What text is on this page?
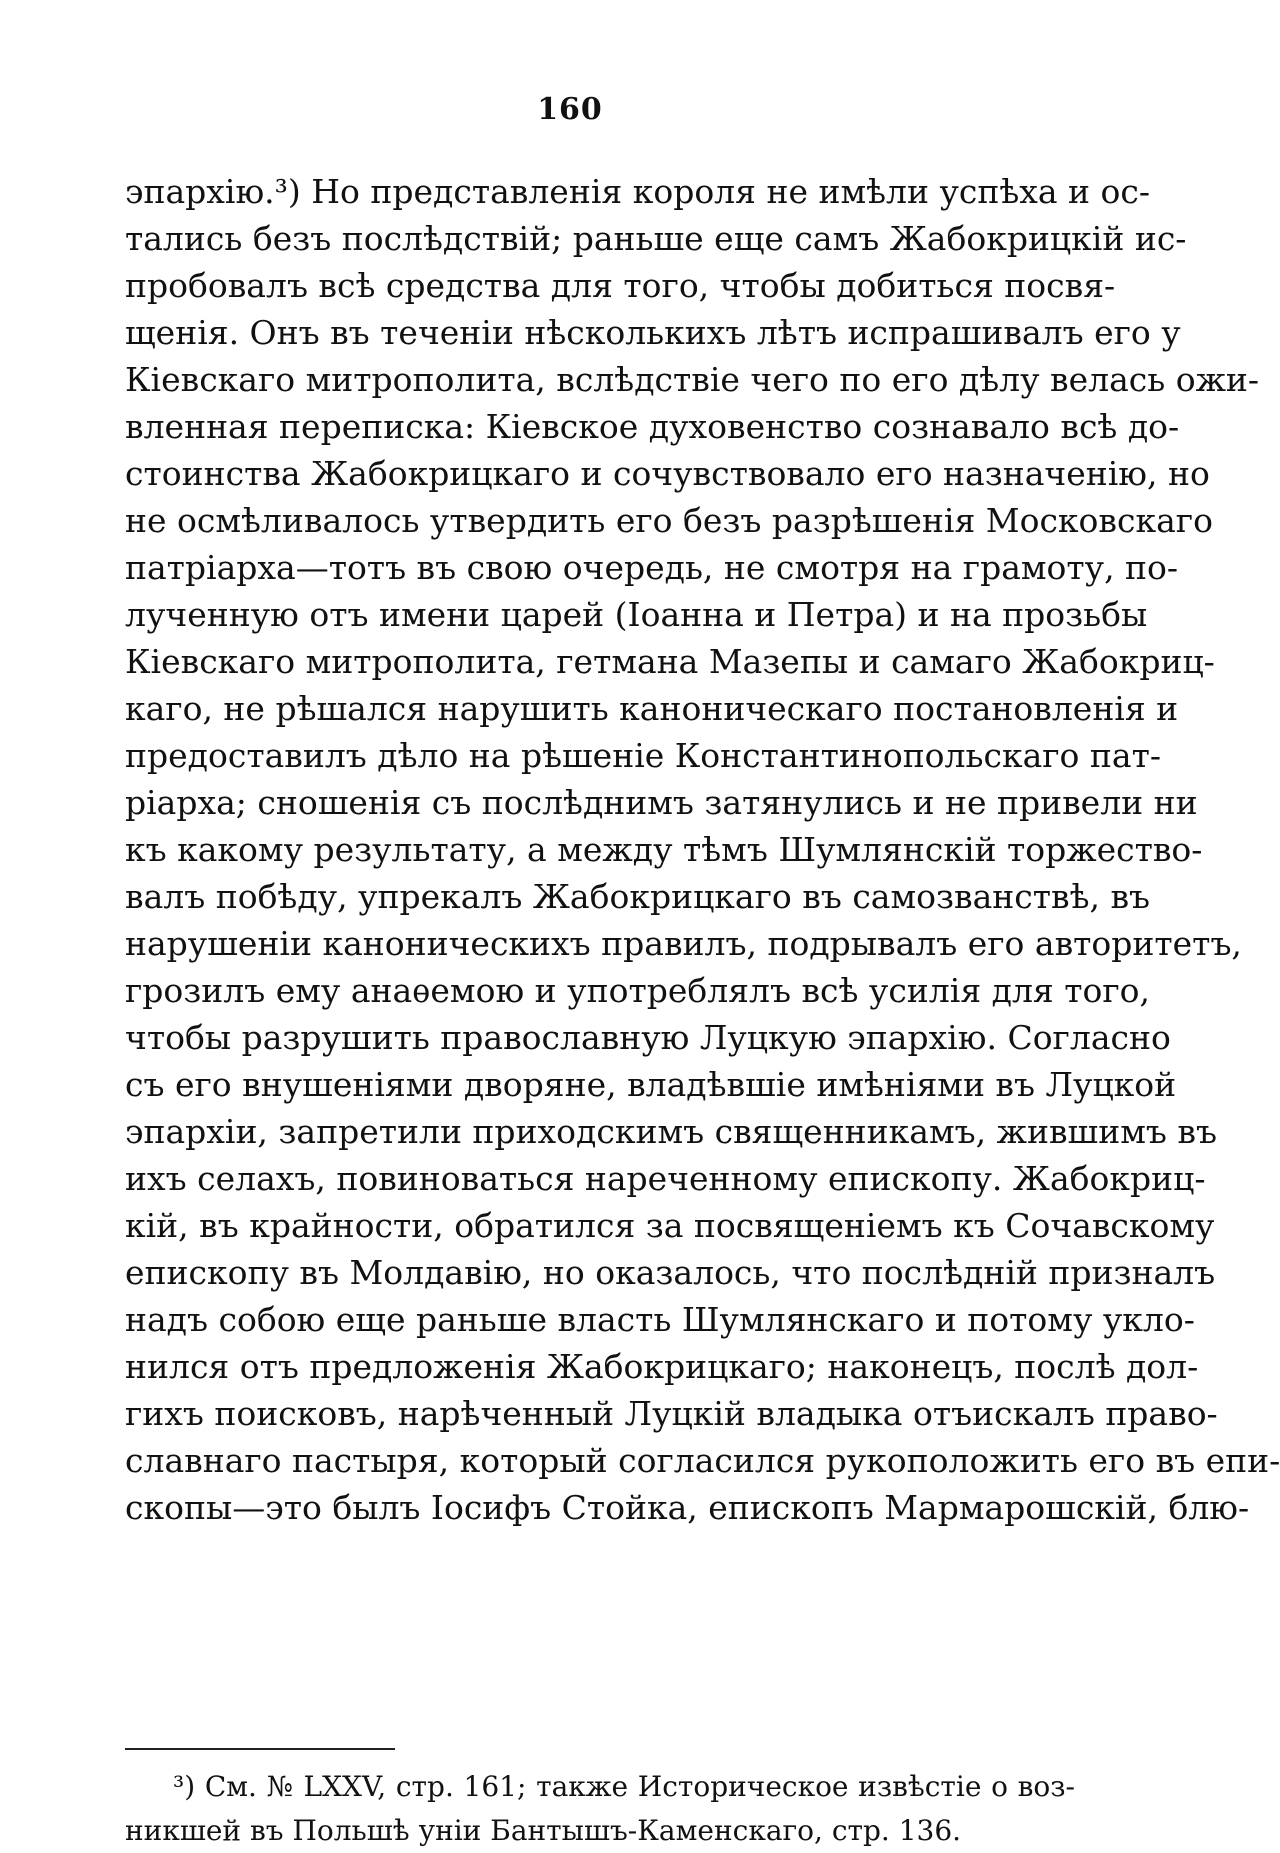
160
эпархію.³) Но представленія короля не имѣли успѣха и ос-
тались безъ послѣдствій; раньше еще самъ Жабокрицкій ис-
пробовалъ всѣ средства для того, чтобы добиться посвя-
щенія. Онъ въ теченіи нѣсколькихъ лѣтъ испрашивалъ его у
Кіевскаго митрополита, вслѣдствіе чего по его дѣлу велась ожи-
вленная переписка: Кіевское духовенство сознавало всѣ до-
стоинства Жабокрицкаго и сочувствовало его назначенію, но
не осмѣливалось утвердить его безъ разрѣшенія Московскаго
патріарха—тотъ въ свою очередь, не смотря на грамоту, по-
лученную отъ имени царей (Іоанна и Петра) и на прозьбы
Кіевскаго митрополита, гетмана Мазепы и самаго Жабокриц-
каго, не рѣшался нарушить каноническаго постановленія и
предоставилъ дѣло на рѣшеніе Константинопольскаго пат-
ріарха; сношенія съ послѣднимъ затянулись и не привели ни
къ какому результату, а между тѣмъ Шумлянскій торжество-
валъ побѣду, упрекалъ Жабокрицкаго въ самозванствѣ, въ
нарушеніи каноническихъ правилъ, подрывалъ его авторитетъ,
грозилъ ему анаѳемою и употреблялъ всѣ усилія для того,
чтобы разрушить православную Луцкую эпархію. Согласно
съ его внушеніями дворяне, владѣвшіе имѣніями въ Луцкой
эпархіи, запретили приходскимъ священникамъ, жившимъ въ
ихъ селахъ, повиноваться нареченному епископу. Жабокриц-
кій, въ крайности, обратился за посвященіемъ къ Сочавскому
епископу въ Молдавію, но оказалось, что послѣдній призналъ
надъ собою еще раньше власть Шумлянскаго и потому укло-
нился отъ предложенія Жабокрицкаго; наконецъ, послѣ дол-
гихъ поисковъ, нарѣченный Луцкій владыка отъискалъ право-
славнаго пастыря, который согласился рукоположить его въ епи-
скопы—это былъ Іосифъ Стойка, епископъ Мармарошскій, блю-
³) См. № LXXV, стр. 161; также Историческое извѣстіе о воз-
никшей въ Польшѣ уніи Бантышъ-Каменскаго, стр. 136.
